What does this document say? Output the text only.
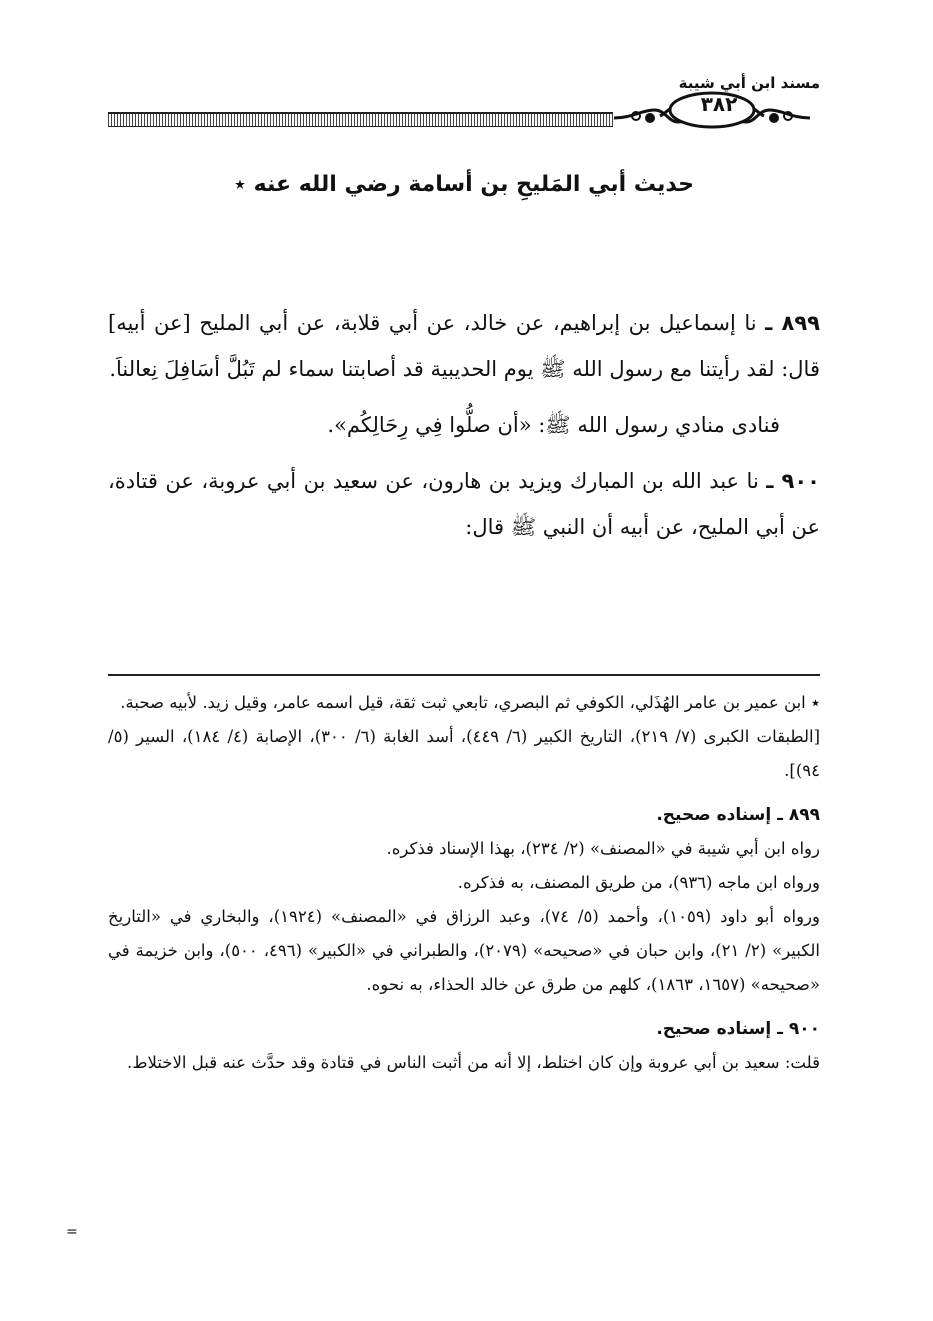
مسند ابن أبي شيبة
٣٨٢
حديث أبي المَليحِ بن أسامة رضي الله عنه ٭

٨٩٩ ـ نا إسماعيل بن إبراهيم، عن خالد، عن أبي قلابة، عن أبي المليح [عن أبيه] قال: لقد رأيتنا مع رسول الله ﷺ يوم الحديبية قد أصابتنا سماء لم تَبُلَّ أسَافِلَ نِعالناَ.

فنادى منادي رسول الله ﷺ: «أن صلُّوا فِي رِحَالِكُم».

٩٠٠ ـ نا عبد الله بن المبارك ويزيد بن هارون، عن سعيد بن أبي عروبة، عن قتادة، عن أبي المليح، عن أبيه أن النبي ﷺ قال:

٭ ابن عمير بن عامر الهُذَلي، الكوفي ثم البصري، تابعي ثبت ثقة، قيل اسمه عامر، وقيل زيد. لأبيه صحبة.

[الطبقات الكبرى (٧/ ٢١٩)، التاريخ الكبير (٦/ ٤٤٩)، أسد الغابة (٦/ ٣٠٠)، الإصابة (٤/ ١٨٤)، السير (٥/ ٩٤)].

٨٩٩ ـ إسناده صحيح.

رواه ابن أبي شيبة في «المصنف» (٢/ ٢٣٤)، بهذا الإسناد فذكره.

ورواه ابن ماجه (٩٣٦)، من طريق المصنف، به فذكره.

ورواه أبو داود (١٠٥٩)، وأحمد (٥/ ٧٤)، وعبد الرزاق في «المصنف» (١٩٢٤)، والبخاري في «التاريخ الكبير» (٢/ ٢١)، وابن حبان في «صحيحه» (٢٠٧٩)، والطبراني في «الكبير» (٤٩٦، ٥٠٠)، وابن خزيمة في «صحيحه» (١٦٥٧، ١٨٦٣)، كلهم من طرق عن خالد الحذاء، به نحوه.

٩٠٠ ـ إسناده صحيح.

قلت: سعيد بن أبي عروبة وإن كان اختلط، إلا أنه من أثبت الناس في قتادة وقد حدَّث عنه قبل الاختلاط.

=
